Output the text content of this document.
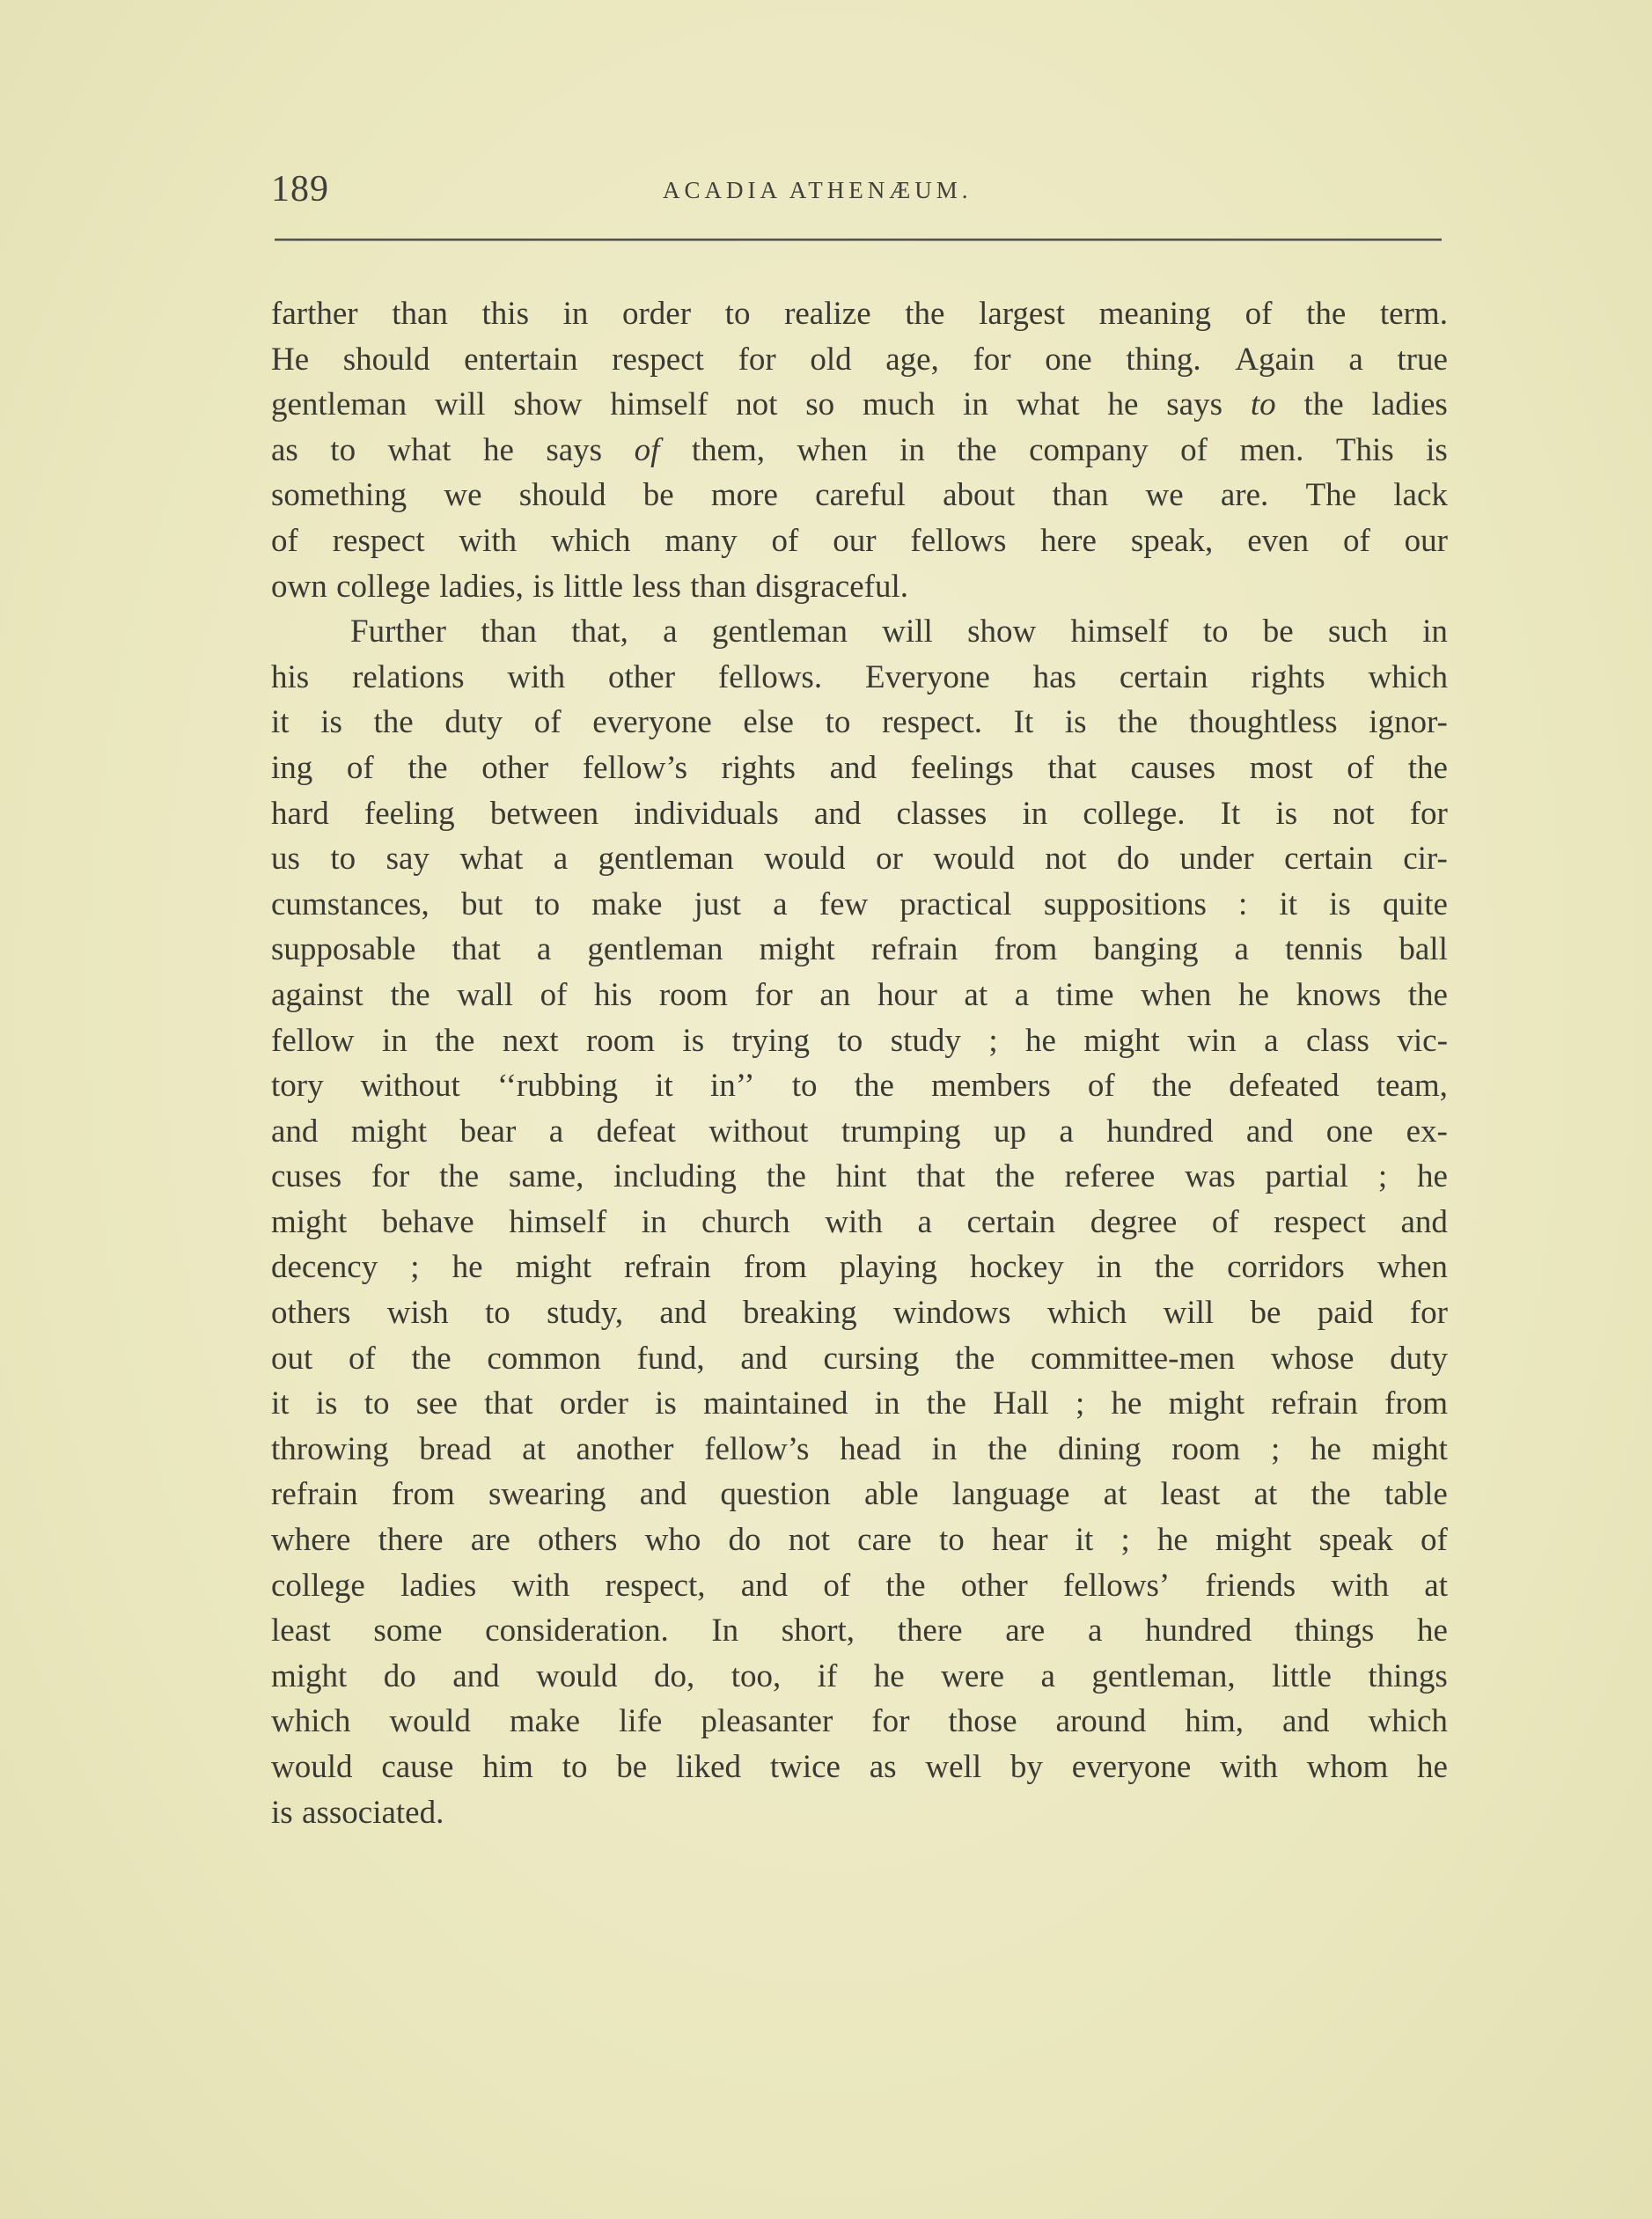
189	ACADIA ATHENÆUM.
farther than this in order to realize the largest meaning of the term.
He should entertain respect for old age, for one thing. Again a true
gentleman will show himself not so much in what he says to the ladies
as to what he says of them, when in the company of men. This is
something we should be more careful about than we are. The lack
of respect with which many of our fellows here speak, even of our
own college ladies, is little less than disgraceful.
Further than that, a gentleman will show himself to be such in
his relations with other fellows. Everyone has certain rights which
it is the duty of everyone else to respect. It is the thoughtless ignor-
ing of the other fellow’s rights and feelings that causes most of the
hard feeling between individuals and classes in college. It is not for
us to say what a gentleman would or would not do under certain cir-
cumstances, but to make just a few practical suppositions : it is quite
supposable that a gentleman might refrain from banging a tennis ball
against the wall of his room for an hour at a time when he knows the
fellow in the next room is trying to study ; he might win a class vic-
tory without ‘‘rubbing it in’’ to the members of the defeated team,
and might bear a defeat without trumping up a hundred and one ex-
cuses for the same, including the hint that the referee was partial ; he
might behave himself in church with a certain degree of respect and
decency ; he might refrain from playing hockey in the corridors when
others wish to study, and breaking windows which will be paid for
out of the common fund, and cursing the committee-men whose duty
it is to see that order is maintained in the Hall ; he might refrain from
throwing bread at another fellow’s head in the dining room ; he might
refrain from swearing and question able language at least at the table
where there are others who do not care to hear it ; he might speak of
college ladies with respect, and of the other fellows’ friends with at
least some consideration. In short, there are a hundred things he
might do and would do, too, if he were a gentleman, little things
which would make life pleasanter for those around him, and which
would cause him to be liked twice as well by everyone with whom he
is associated.
